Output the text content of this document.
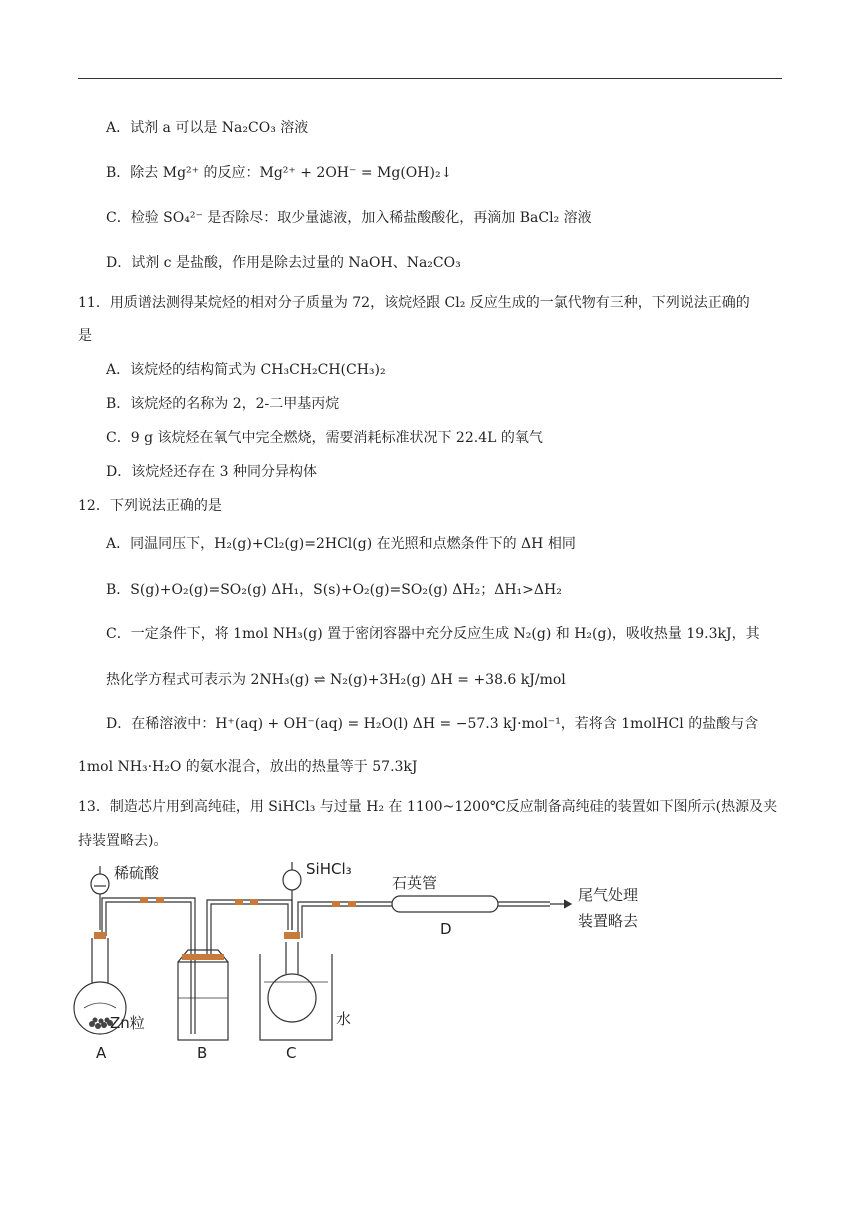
A．试剂 a 可以是 Na₂CO₃ 溶液
B．除去 Mg²⁺ 的反应：Mg²⁺ + 2OH⁻ = Mg(OH)₂↓
C．检验 SO₄²⁻ 是否除尽：取少量滤液，加入稀盐酸酸化，再滴加 BaCl₂ 溶液
D．试剂 c 是盐酸，作用是除去过量的 NaOH、Na₂CO₃
11．用质谱法测得某烷烃的相对分子质量为 72，该烷烃跟 Cl₂ 反应生成的一氯代物有三种，下列说法正确的
是
A．该烷烃的结构简式为 CH₃CH₂CH(CH₃)₂
B．该烷烃的名称为 2，2-二甲基丙烷
C．9 g 该烷烃在氧气中完全燃烧，需要消耗标准状况下 22.4L 的氧气
D．该烷烃还存在 3 种同分异构体
12．下列说法正确的是
A．同温同压下，H₂(g)+Cl₂(g)=2HCl(g) 在光照和点燃条件下的 ΔH 相同
B．S(g)+O₂(g)=SO₂(g) ΔH₁，S(s)+O₂(g)=SO₂(g) ΔH₂；ΔH₁>ΔH₂
C．一定条件下，将 1mol NH₃(g) 置于密闭容器中充分反应生成 N₂(g) 和 H₂(g)，吸收热量 19.3kJ，其
热化学方程式可表示为 2NH₃(g) ⇌ N₂(g)+3H₂(g) ΔH = +38.6 kJ/mol
D．在稀溶液中：H⁺(aq) + OH⁻(aq) = H₂O(l) ΔH = −57.3 kJ·mol⁻¹，若将含 1molHCl 的盐酸与含
1mol NH₃·H₂O 的氨水混合，放出的热量等于 57.3kJ
13．制造芯片用到高纯硅，用 SiHCl₃ 与过量 H₂ 在 1100~1200℃反应制备高纯硅的装置如下图所示(热源及夹
持装置略去)。
稀硫酸
Zn粒
SiHCl₃
石英管
水
尾气处理
装置略去
A	B	C
D
